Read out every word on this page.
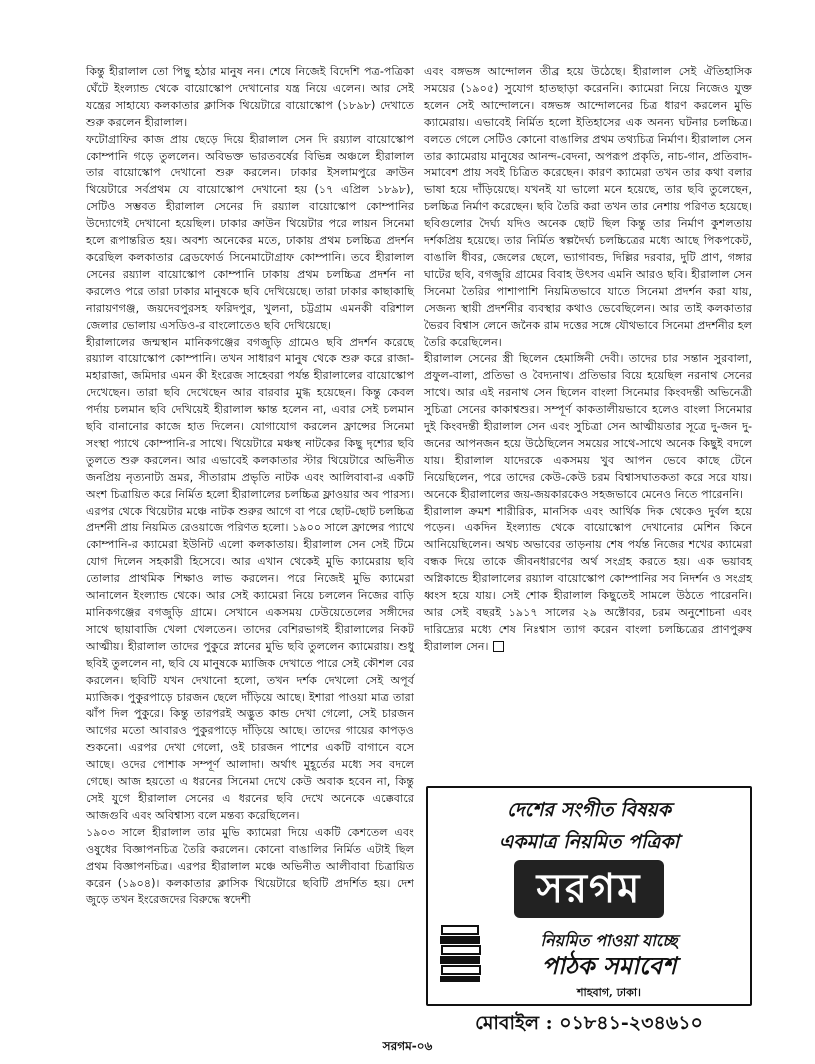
কিন্তু হীরালাল তো পিছু হঠার মানুষ নন। শেষে নিজেই বিদেশি পত্র-পত্রিকা ঘেঁটে ইংল্যান্ড থেকে বায়োস্কোপ দেখানোর যন্ত্র নিয়ে এলেন। আর সেই যন্ত্রের সাহায্যে কলকাতার ক্লাসিক থিয়েটারে বায়োস্কোপ (১৮৯৮) দেখাতে শুরু করলেন হীরালাল।

ফটোগ্রাফির কাজ প্রায় ছেড়ে দিয়ে হীরালাল সেন দি রয়্যাল বায়োস্কোপ কোম্পানি গড়ে তুললেন। অবিভক্ত ভারতবর্ষের বিভিন্ন অঞ্চলে হীরালাল তার বায়োস্কোপ দেখানো শুরু করলেন। ঢাকার ইসলামপুরে ক্রাউন থিয়েটারে সর্বপ্রথম যে বায়োস্কোপ দেখানো হয় (১৭ এপ্রিল ১৮৯৮), সেটিও সম্ভবত হীরালাল সেনের দি রয়্যাল বায়োস্কোপ কোম্পানির উদ্যোগেই দেখানো হয়েছিল। ঢাকার ক্রাউন থিয়েটার পরে লায়ন সিনেমা হলে রূপান্তরিত হয়। অবশ্য অনেকের মতে, ঢাকায় প্রথম চলচ্চিত্র প্রদর্শন করেছিল কলকাতার ব্রেডফোর্ড সিনেমাটোগ্রাফ কোম্পানি। তবে হীরালাল সেনের রয়্যাল বায়োস্কোপ কোম্পানি ঢাকায় প্রথম চলচ্চিত্র প্রদর্শন না করলেও পরে তারা ঢাকার মানুষকে ছবি দেখিয়েছে। তারা ঢাকার কাছাকাছি নারায়ণগঞ্জ, জয়দেবপুরসহ ফরিদপুর, খুলনা, চট্টগ্রাম এমনকী বরিশাল জেলার ভোলায় এসডিও-র বাংলোতেও ছবি দেখিয়েছে।

হীরালালের জন্মস্থান মানিকগঞ্জের বগজুড়ি গ্রামেও ছবি প্রদর্শন করেছে রয়্যাল বায়োস্কোপ কোম্পানি। তখন সাধারণ মানুষ থেকে শুরু করে রাজা-মহারাজা, জমিদার এমন কী ইংরেজ সাহেবরা পর্যন্ত হীরালালের বায়োস্কোপ দেখেছেন। তারা ছবি দেখেছেন আর বারবার মুগ্ধ হয়েছেন। কিন্তু কেবল পর্দায় চলমান ছবি দেখিয়েই হীরালাল ক্ষান্ত হলেন না, এবার সেই চলমান ছবি বানানোর কাজে হাত দিলেন। যোগাযোগ করলেন ফ্রান্সের সিনেমা সংস্থা প্যাথে কোম্পানি-র সাথে। থিয়েটারে মঞ্চস্থ নাটকের কিছু দৃশ্যের ছবি তুলতে শুরু করলেন। আর এভাবেই কলকাতার স্টার থিয়েটারে অভিনীত জনপ্রিয় নৃত্যনাট্য ভ্রমর, সীতারাম প্রভৃতি নাটক এবং আলিবাবা-র একটি অংশ চিত্রায়িত করে নির্মিত হলো হীরালালের চলচ্চিত্র ফ্লাওয়ার অব পারস্য। এরপর থেকে থিয়েটার মঞ্চে নাটক শুরুর আগে বা পরে ছোট-ছোট চলচ্চিত্র প্রদর্শনী প্রায় নিয়মিত রেওয়াজে পরিণত হলো। ১৯০০ সালে ফ্রান্সের প্যাথে কোম্পানি-র ক্যামেরা ইউনিট এলো কলকাতায়। হীরালাল সেন সেই টিমে যোগ দিলেন সহকারী হিসেবে। আর এখান থেকেই মুভি ক্যামেরায় ছবি তোলার প্রাথমিক শিক্ষাও লাভ করলেন। পরে নিজেই মুভি ক্যামেরা আনালেন ইংল্যান্ড থেকে। আর সেই ক্যামেরা নিয়ে চললেন নিজের বাড়ি মানিকগঞ্জের বগজুড়ি গ্রামে। সেখানে একসময় ঢেউয়েতেলের সঙ্গীদের সাথে ছায়াবাজি খেলা খেলতেন। তাদের বেশিরভাগই হীরালালের নিকট আত্মীয়। হীরালাল তাদের পুকুরে স্নানের মুভি ছবি তুললেন ক্যামেরায়। শুধু ছবিই তুললেন না, ছবি যে মানুষকে ম্যাজিক দেখাতে পারে সেই কৌশল বের করলেন। ছবিটি যখন দেখানো হলো, তখন দর্শক দেখলো সেই অপূর্ব ম্যাজিক। পুকুরপাড়ে চারজন ছেলে দাঁড়িয়ে আছে। ইশারা পাওয়া মাত্র তারা ঝাঁপ দিল পুকুরে। কিন্তু তারপরই অদ্ভুত কান্ড দেখা গেলো, সেই চারজন আগের মতো আবারও পুকুরপাড়ে দাঁড়িয়ে আছে। তাদের গায়ের কাপড়ও শুকনো। এরপর দেখা গেলো, ওই চারজন পাশের একটি বাগানে বসে আছে। ওদের পোশাক সম্পূর্ণ আলাদা। অর্থাৎ মুহূর্তের মধ্যে সব বদলে গেছে। আজ হয়তো এ ধরনের সিনেমা দেখে কেউ অবাক হবেন না, কিন্তু সেই যুগে হীরালাল সেনের এ ধরনের ছবি দেখে অনেকে এক্কেবারে আজগুবি এবং অবিশ্বাস্য বলে মন্তব্য করেছিলেন।

১৯০৩ সালে হীরালাল তার মুভি ক্যামেরা দিয়ে একটি কেশতেল এবং ওষুধের বিজ্ঞাপনচিত্র তৈরি করলেন। কোনো বাঙালির নির্মিত এটাই ছিল প্রথম বিজ্ঞাপনচিত্র। এরপর হীরালাল মঞ্চে অভিনীত আলীবাবা চিত্রায়িত করেন (১৯০৪)। কলকাতার ক্লাসিক থিয়েটারে ছবিটি প্রদর্শিত হয়। দেশ জুড়ে তখন ইংরেজদের বিরুদ্ধে স্বদেশী

এবং বঙ্গভঙ্গ আন্দোলন তীব্র হয়ে উঠেছে। হীরালাল সেই ঐতিহাসিক সময়ের (১৯০৫) সুযোগ হাতছাড়া করেননি। ক্যামেরা নিয়ে নিজেও যুক্ত হলেন সেই আন্দোলনে। বঙ্গভঙ্গ আন্দোলনের চিত্র ধারণ করলেন মুভি ক্যামেরায়। এভাবেই নির্মিত হলো ইতিহাসের এক অনন্য ঘটনার চলচ্চিত্র। বলতে গেলে সেটিও কোনো বাঙালির প্রথম তথ্যচিত্র নির্মাণ। হীরালাল সেন তার ক্যামেরায় মানুষের আনন্দ-বেদনা, অপরূপ প্রকৃতি, নাচ-গান, প্রতিবাদ-সমাবেশ প্রায় সবই চিত্রিত করেছেন। কারণ ক্যামেরা তখন তার কথা বলার ভাষা হয়ে দাঁড়িয়েছে। যখনই যা ভালো মনে হয়েছে, তার ছবি তুলেছেন, চলচ্চিত্র নির্মাণ করেছেন। ছবি তৈরি করা তখন তার নেশায় পরিণত হয়েছে। ছবিগুলোর দৈর্ঘ্য যদিও অনেক ছোট ছিল কিন্তু তার নির্মাণ কুশলতায় দর্শকপ্রিয় হয়েছে। তার নির্মিত স্বল্পদৈর্ঘ্য চলচ্চিত্রের মধ্যে আছে পিকপকেট, বাঙালি ধীবর, জেলের ছেলে, ভ্যাগাবন্ড, দিল্লির দরবার, দুটি প্রাণ, গঙ্গার ঘাটের ছবি, বগজুরি গ্রামের বিবাহ উৎসব এমনি আরও ছবি। হীরালাল সেন সিনেমা তৈরির পাশাপাশি নিয়মিতভাবে যাতে সিনেমা প্রদর্শন করা যায়, সেজন্য স্থায়ী প্রদর্শনীর ব্যবস্থার কথাও ভেবেছিলেন। আর তাই কলকাতার ভৈরব বিশ্বাস লেনে জনৈক রাম দত্তের সঙ্গে যৌথভাবে সিনেমা প্রদর্শনীর হল তৈরি করেছিলেন।

হীরালাল সেনের স্ত্রী ছিলেন হেমাঙ্গিনী দেবী। তাদের চার সন্তান সুরবালা, প্রফুল-বালা, প্রতিভা ও বৈদ্যনাথ। প্রতিভার বিয়ে হয়েছিল নরনাথ সেনের সাথে। আর এই নরনাথ সেন ছিলেন বাংলা সিনেমার কিংবদন্তী অভিনেত্রী সুচিত্রা সেনের কাকাশ্বশুর। সম্পূর্ণ কাকতালীয়ভাবে হলেও বাংলা সিনেমার দুই কিংবদন্তী হীরালাল সেন এবং সুচিত্রা সেন আত্মীয়তার সূত্রে দু-জন দু-জনের আপনজন হয়ে উঠেছিলেন সময়ের সাথে-সাথে অনেক কিছুই বদলে যায়। হীরালাল যাদেরকে একসময় খুব আপন ভেবে কাছে টেনে নিয়েছিলেন, পরে তাদের কেউ-কেউ চরম বিশ্বাসঘাতকতা করে সরে যায়। অনেকে হীরালালের জয়-জয়কারকেও সহজভাবে মেনেও নিতে পারেননি।

হীরালাল ক্রমশ শারীরিক, মানসিক এবং আর্থিক দিক থেকেও দুর্বল হয়ে পড়েন। একদিন ইংল্যান্ড থেকে বায়োস্কোপ দেখানোর মেশিন কিনে আনিয়েছিলেন। অথচ অভাবের তাড়নায় শেষ পর্যন্ত নিজের শখের ক্যামেরা বন্ধক দিয়ে তাকে জীবনধারণের অর্থ সংগ্রহ করতে হয়। এক ভয়াবহ অগ্নিকান্ডে হীরালালের রয়্যাল বায়োস্কোপ কোম্পানির সব নিদর্শন ও সংগ্রহ ধ্বংস হয়ে যায়। সেই শোক হীরালাল কিছুতেই সামলে উঠতে পারেননি। আর সেই বছরই ১৯১৭ সালের ২৯ অক্টোবর, চরম অনুশোচনা এবং দারিদ্র্যের মধ্যে শেষ নিঃশ্বাস ত্যাগ করেন বাংলা চলচ্চিত্রের প্রাণপুরুষ হীরালাল সেন।

দেশের সংগীত বিষয়ক
একমাত্র নিয়মিত পত্রিকা
সরগম
নিয়মিত পাওয়া যাচ্ছে
পাঠক সমাবেশ
শাহবাগ, ঢাকা।
মোবাইল : ০১৮৪১-২৩৪৬১০
সরগম-০৬
